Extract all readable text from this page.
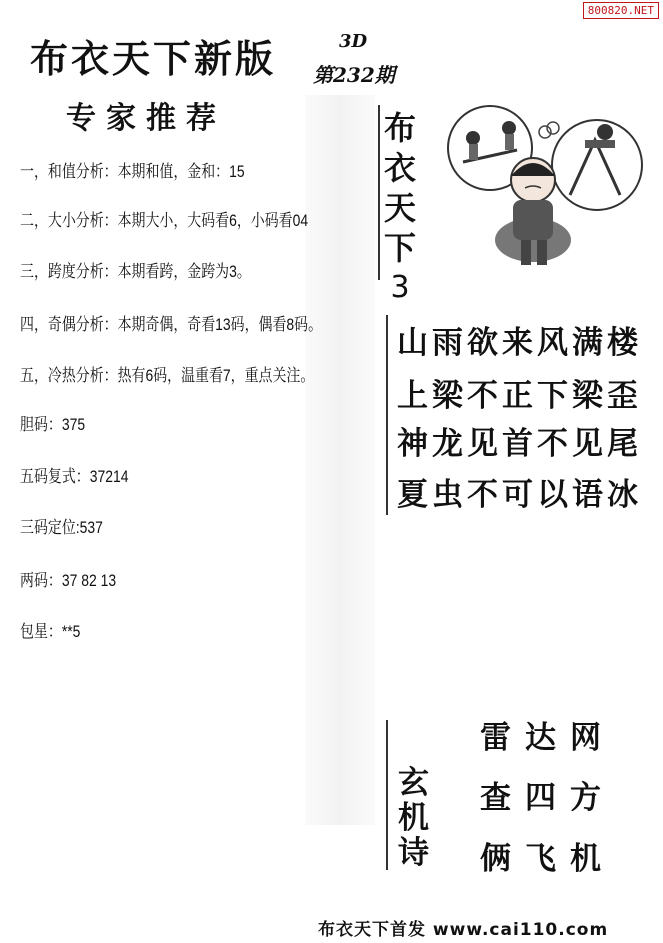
800820.NET
布衣天下新版	3D
第232期
专家推荐
一，和值分析：本期和值，金和：15
二，大小分析：本期大小，大码看6，小码看04
三，跨度分析：本期看跨，金跨为3。
四，奇偶分析：本期奇偶，奇看13码，偶看8码。
五，冷热分析：热有6码，温重看7，重点关注。
胆码：375
五码复式：37214
三码定位:537
两码：37 82 13
包星：**5
布
衣
天
下
3
山雨欲来风满楼
上梁不正下梁歪
神龙见首不见尾
夏虫不可以语冰
玄
机
诗
雷达网
查四方
俩飞机
布衣天下首发 www.cai110.com
